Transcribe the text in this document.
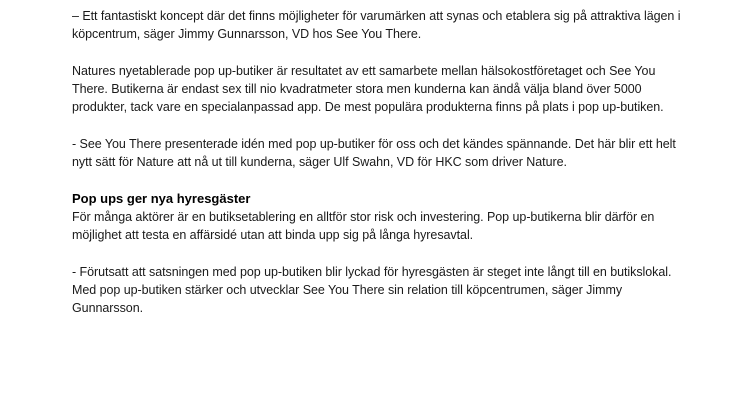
– Ett fantastiskt koncept där det finns möjligheter för varumärken att synas och etablera sig på attraktiva lägen i köpcentrum, säger Jimmy Gunnarsson, VD hos See You There.

Natures nyetablerade pop up-butiker är resultatet av ett samarbete mellan hälsokostföretaget och See You There. Butikerna är endast sex till nio kvadratmeter stora men kunderna kan ändå välja bland över 5000 produkter, tack vare en specialanpassad app. De mest populära produkterna finns på plats i pop up-butiken.

- See You There presenterade idén med pop up-butiker för oss och det kändes spännande. Det här blir ett helt nytt sätt för Nature att nå ut till kunderna, säger Ulf Swahn, VD för HKC som driver Nature.

Pop ups ger nya hyresgäster

För många aktörer är en butiksetablering en alltför stor risk och investering. Pop up-butikerna blir därför en möjlighet att testa en affärsidé utan att binda upp sig på långa hyresavtal.

- Förutsatt att satsningen med pop up-butiken blir lyckad för hyresgästen är steget inte långt till en butikslokal. Med pop up-butiken stärker och utvecklar See You There sin relation till köpcentrumen, säger Jimmy Gunnarsson.
